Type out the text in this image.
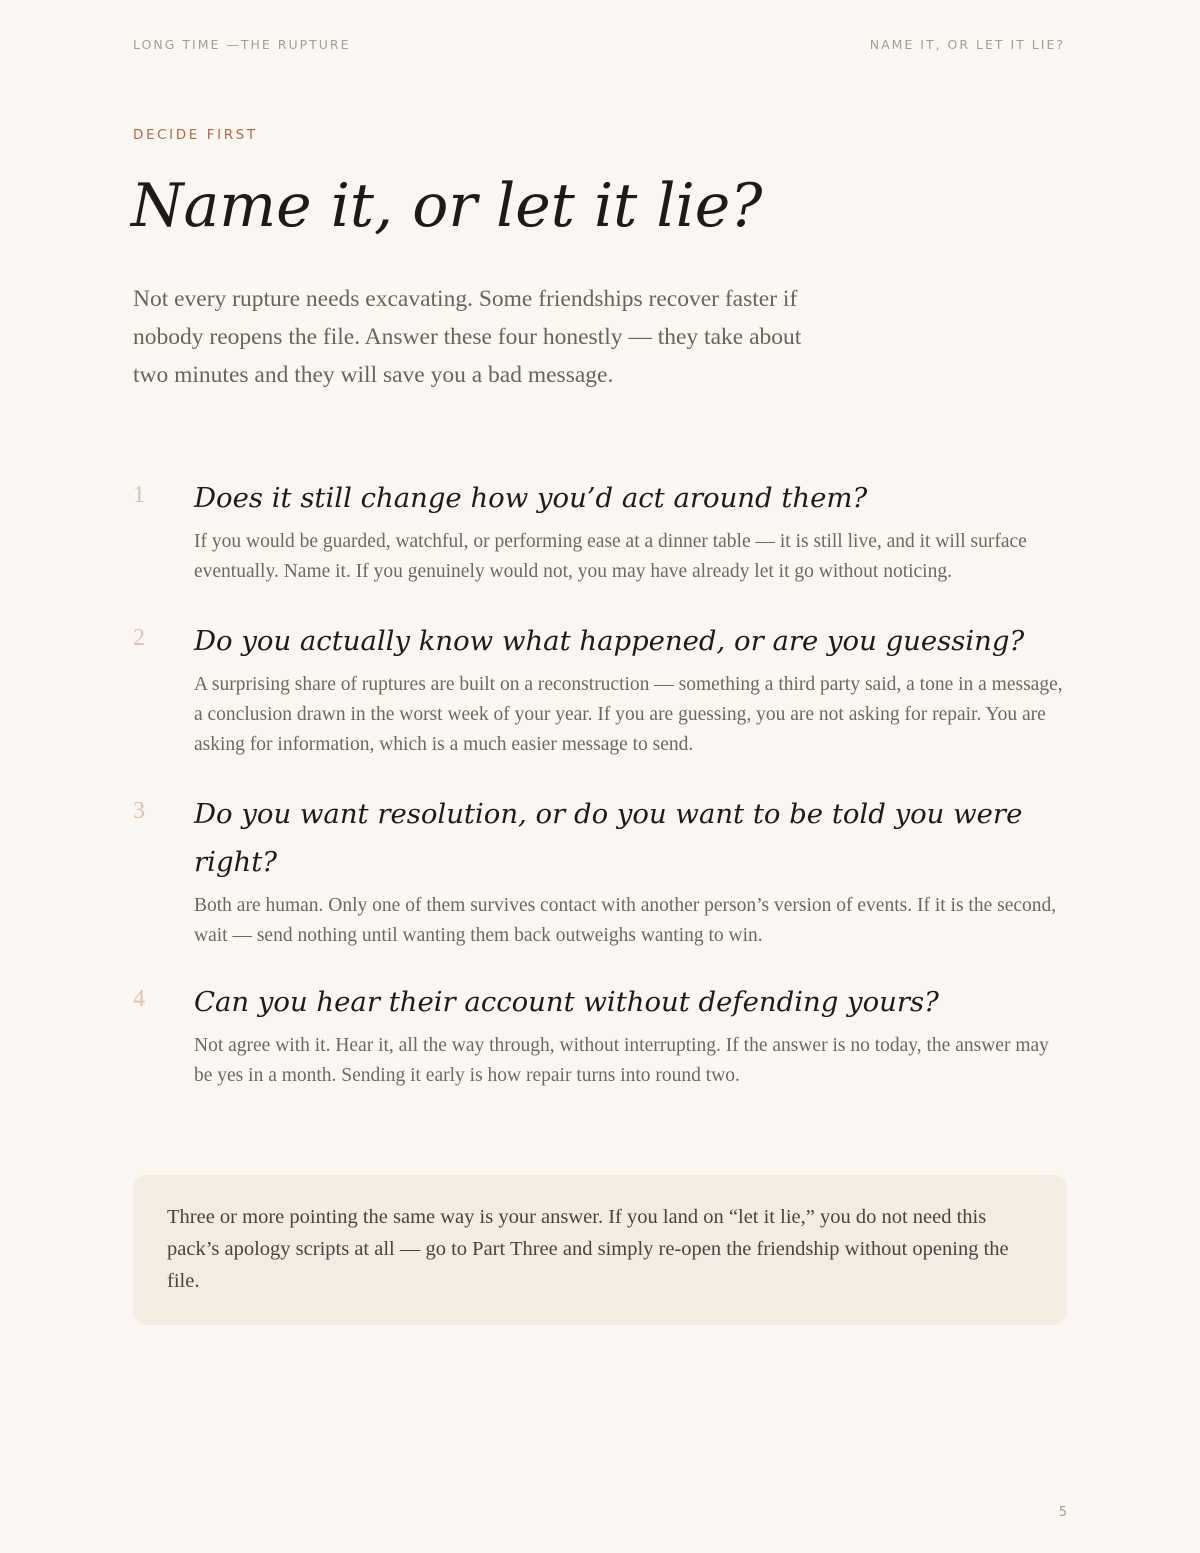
LONG TIME —THE RUPTURE	NAME IT, OR LET IT LIE?
DECIDE FIRST
Name it, or let it lie?

Not every rupture needs excavating. Some friendships recover faster if nobody reopens the file. Answer these four honestly — they take about two minutes and they will save you a bad message.

1 Does it still change how you’d act around them?

If you would be guarded, watchful, or performing ease at a dinner table — it is still live, and it will surface eventually. Name it. If you genuinely would not, you may have already let it go without noticing.

2 Do you actually know what happened, or are you guessing?

A surprising share of ruptures are built on a reconstruction — something a third party said, a tone in a message, a conclusion drawn in the worst week of your year. If you are guessing, you are not asking for repair. You are asking for information, which is a much easier message to send.

3 Do you want resolution, or do you want to be told you were right?

Both are human. Only one of them survives contact with another person’s version of events. If it is the second, wait — send nothing until wanting them back outweighs wanting to win.

4 Can you hear their account without defending yours?

Not agree with it. Hear it, all the way through, without interrupting. If the answer is no today, the answer may be yes in a month. Sending it early is how repair turns into round two.

Three or more pointing the same way is your answer. If you land on “let it lie,” you do not need this pack’s apology scripts at all — go to Part Three and simply re-open the friendship without opening the file.

5
